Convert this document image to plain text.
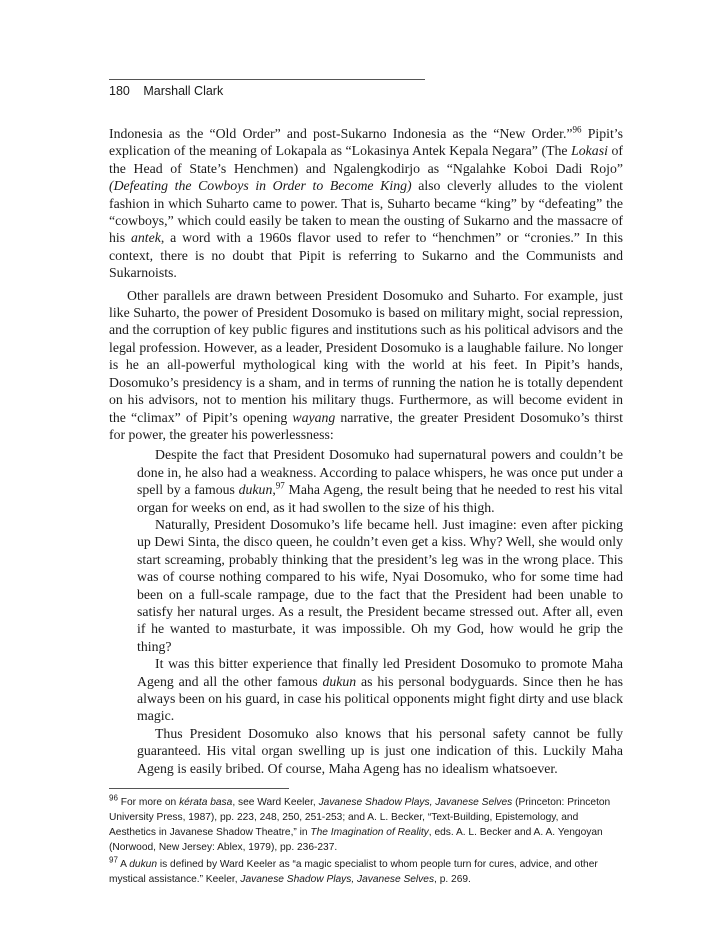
180 Marshall Clark

Indonesia as the “Old Order” and post-Sukarno Indonesia as the “New Order.”$^{96}$ Pipit’s explication of the meaning of Lokapala as “Lokasinya Antek Kepala Negara” (The Lokasi of the Head of State’s Henchmen) and Ngalengkodirjo as “Ngalahke Koboi Dadi Rojo” (Defeating the Cowboys in Order to Become King) also cleverly alludes to the violent fashion in which Suharto came to power. That is, Suharto became “king” by “defeating” the “cowboys,” which could easily be taken to mean the ousting of Sukarno and the massacre of his antek, a word with a 1960s flavor used to refer to “henchmen” or “cronies.” In this context, there is no doubt that Pipit is referring to Sukarno and the Communists and Sukarnoists.

Other parallels are drawn between President Dosomuko and Suharto. For example, just like Suharto, the power of President Dosomuko is based on military might, social repression, and the corruption of key public figures and institutions such as his political advisors and the legal profession. However, as a leader, President Dosomuko is a laughable failure. No longer is he an all-powerful mythological king with the world at his feet. In Pipit’s hands, Dosomuko’s presidency is a sham, and in terms of running the nation he is totally dependent on his advisors, not to mention his military thugs. Furthermore, as will become evident in the “climax” of Pipit’s opening wayang narrative, the greater President Dosomuko’s thirst for power, the greater his powerlessness:

Despite the fact that President Dosomuko had supernatural powers and couldn’t be done in, he also had a weakness. According to palace whispers, he was once put under a spell by a famous dukun,$^{97}$ Maha Ageng, the result being that he needed to rest his vital organ for weeks on end, as it had swollen to the size of his thigh.

Naturally, President Dosomuko’s life became hell. Just imagine: even after picking up Dewi Sinta, the disco queen, he couldn’t even get a kiss. Why? Well, she would only start screaming, probably thinking that the president’s leg was in the wrong place. This was of course nothing compared to his wife, Nyai Dosomuko, who for some time had been on a full-scale rampage, due to the fact that the President had been unable to satisfy her natural urges. As a result, the President became stressed out. After all, even if he wanted to masturbate, it was impossible. Oh my God, how would he grip the thing?

It was this bitter experience that finally led President Dosomuko to promote Maha Ageng and all the other famous dukun as his personal bodyguards. Since then he has always been on his guard, in case his political opponents might fight dirty and use black magic.

Thus President Dosomuko also knows that his personal safety cannot be fully guaranteed. His vital organ swelling up is just one indication of this. Luckily Maha Ageng is easily bribed. Of course, Maha Ageng has no idealism whatsoever.

$^{96}$ For more on kérata basa, see Ward Keeler, Javanese Shadow Plays, Javanese Selves (Princeton: Princeton University Press, 1987), pp. 223, 248, 250, 251-253; and A. L. Becker, “Text-Building, Epistemology, and Aesthetics in Javanese Shadow Theatre,” in The Imagination of Reality, eds. A. L. Becker and A. A. Yengoyan (Norwood, New Jersey: Ablex, 1979), pp. 236-237.

$^{97}$ A dukun is defined by Ward Keeler as “a magic specialist to whom people turn for cures, advice, and other mystical assistance.” Keeler, Javanese Shadow Plays, Javanese Selves, p. 269.
